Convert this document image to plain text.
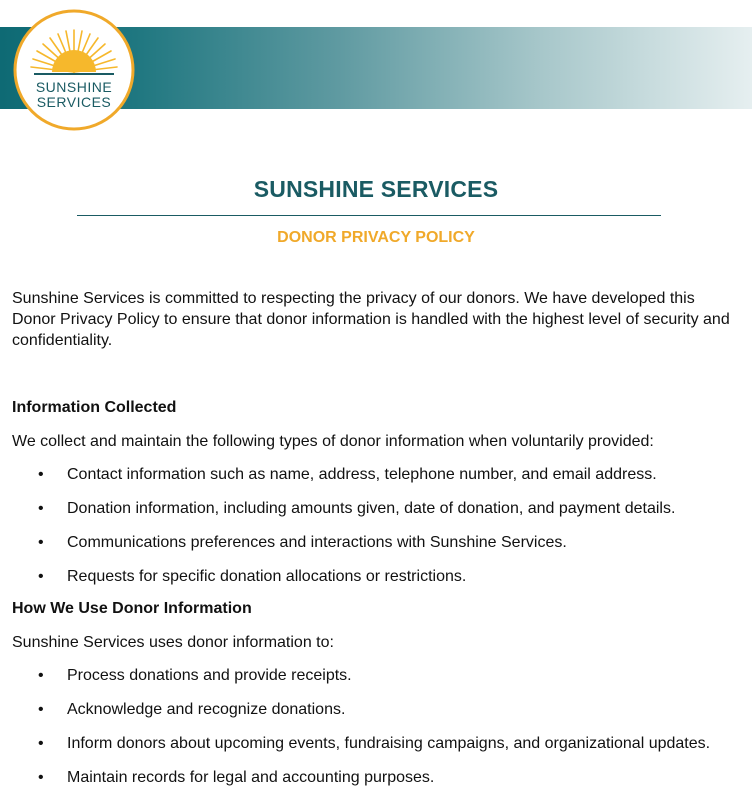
SUNSHINE
SERVICES
SUNSHINE SERVICES
DONOR PRIVACY POLICY
Sunshine Services is committed to respecting the privacy of our donors. We have developed this Donor Privacy Policy to ensure that donor information is handled with the highest level of security and confidentiality.
Information Collected
We collect and maintain the following types of donor information when voluntarily provided:
• Contact information such as name, address, telephone number, and email address.
• Donation information, including amounts given, date of donation, and payment details.
• Communications preferences and interactions with Sunshine Services.
• Requests for specific donation allocations or restrictions.
How We Use Donor Information
Sunshine Services uses donor information to:
• Process donations and provide receipts.
• Acknowledge and recognize donations.
• Inform donors about upcoming events, fundraising campaigns, and organizational updates.
• Maintain records for legal and accounting purposes.
